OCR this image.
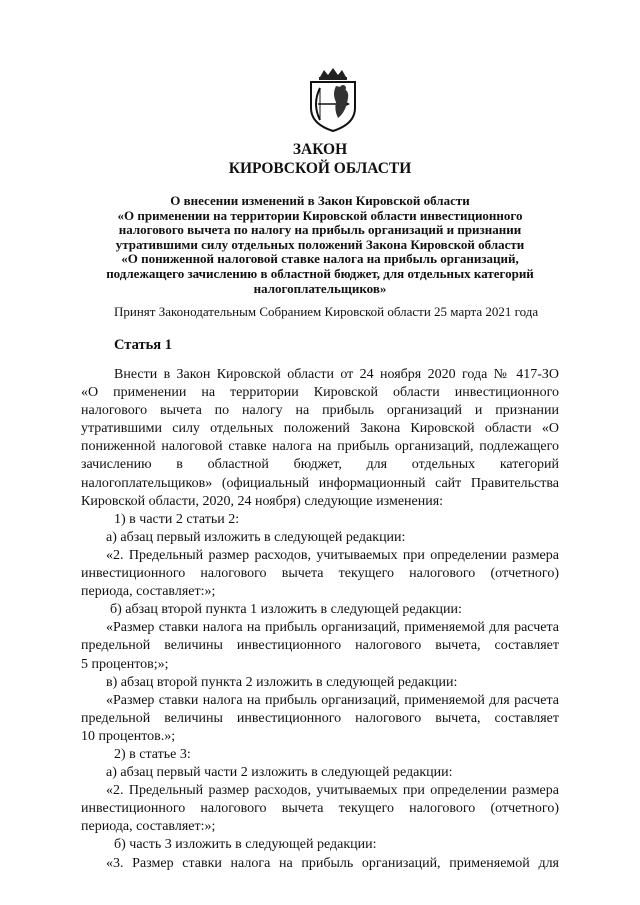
ЗАКОН
КИРОВСКОЙ ОБЛАСТИ
О внесении изменений в Закон Кировской области
«О применении на территории Кировской области инвестиционного
налогового вычета по налогу на прибыль организаций и признании
утратившими силу отдельных положений Закона Кировской области
«О пониженной налоговой ставке налога на прибыль организаций,
подлежащего зачислению в областной бюджет, для отдельных категорий
налогоплательщиков»
Принят Законодательным Собранием Кировской области 25 марта 2021 года
Статья 1

Внести в Закон Кировской области от 24 ноября 2020 года № 417-ЗО

«О применении на территории Кировской области инвестиционного

налогового вычета по налогу на прибыль организаций и признании

утратившими силу отдельных положений Закона Кировской области «О

пониженной налоговой ставке налога на прибыль организаций, подлежащего

зачислению в областной бюджет, для отдельных категорий

налогоплательщиков» (официальный информационный сайт Правительства

Кировской области, 2020, 24 ноября) следующие изменения:

1) в части 2 статьи 2:

а) абзац первый изложить в следующей редакции:

«2. Предельный размер расходов, учитываемых при определении размера

инвестиционного налогового вычета текущего налогового (отчетного)

периода, составляет:»;

б) абзац второй пункта 1 изложить в следующей редакции:

«Размер ставки налога на прибыль организаций, применяемой для расчета

предельной величины инвестиционного налогового вычета, составляет

5 процентов;»;

в) абзац второй пункта 2 изложить в следующей редакции:

«Размер ставки налога на прибыль организаций, применяемой для расчета

предельной величины инвестиционного налогового вычета, составляет

10 процентов.»;

2) в статье 3:

а) абзац первый части 2 изложить в следующей редакции:

«2. Предельный размер расходов, учитываемых при определении размера

инвестиционного налогового вычета текущего налогового (отчетного)

периода, составляет:»;

б) часть 3 изложить в следующей редакции:

«3. Размер ставки налога на прибыль организаций, применяемой для
